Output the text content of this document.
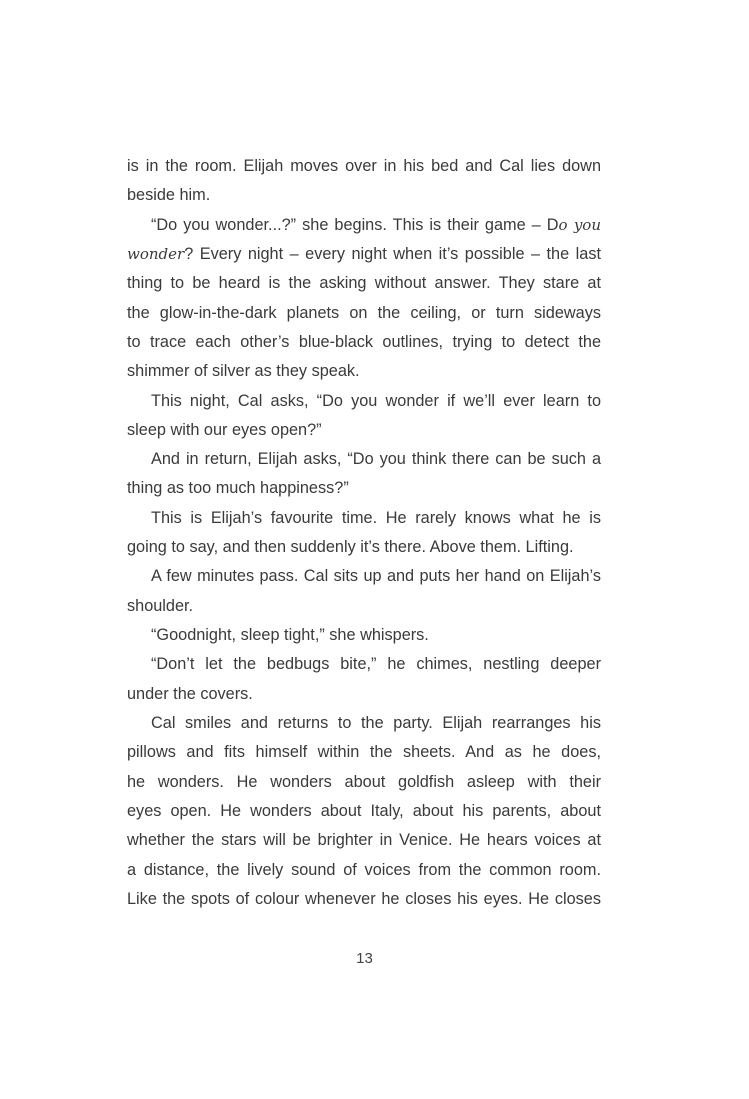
is in the room. Elijah moves over in his bed and Cal lies down
beside him.
“Do you wonder...?” she begins. This is their game – Do you
wonder? Every night – every night when it’s possible – the last
thing to be heard is the asking without answer. They stare at
the glow-in-the-dark planets on the ceiling, or turn sideways
to trace each other’s blue-black outlines, trying to detect the
shimmer of silver as they speak.
This night, Cal asks, “Do you wonder if we’ll ever learn to
sleep with our eyes open?”
And in return, Elijah asks, “Do you think there can be such a
thing as too much happiness?”
This is Elijah’s favourite time. He rarely knows what he is
going to say, and then suddenly it’s there. Above them. Lifting.
A few minutes pass. Cal sits up and puts her hand on Elijah’s
shoulder.
“Goodnight, sleep tight,” she whispers.
“Don’t let the bedbugs bite,” he chimes, nestling deeper
under the covers.
Cal smiles and returns to the party. Elijah rearranges his
pillows and fits himself within the sheets. And as he does,
he wonders. He wonders about goldfish asleep with their
eyes open. He wonders about Italy, about his parents, about
whether the stars will be brighter in Venice. He hears voices at
a distance, the lively sound of voices from the common room.
Like the spots of colour whenever he closes his eyes. He closes
13
